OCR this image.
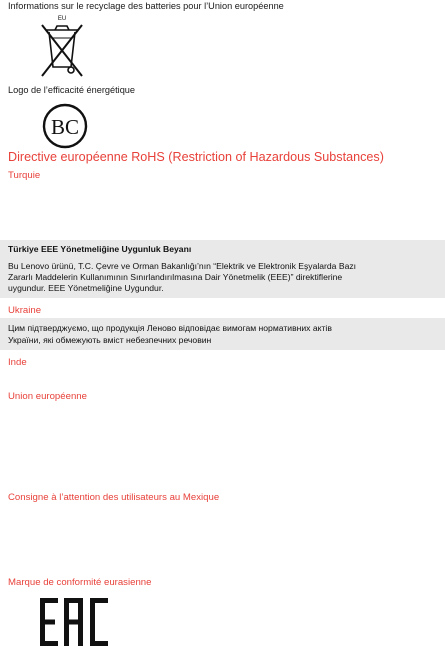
Informations sur le recyclage des batteries pour l’Union européenne
EU
Logo de l’efficacité énergétique
BC
Directive européenne RoHS (Restriction of Hazardous Substances)
Turquie
Türkiye EEE Yönetmeliğine Uygunluk Beyanı
Bu Lenovo ürünü, T.C. Çevre ve Orman Bakanlığı’nın “Elektrik ve Elektronik Eşyalarda Bazı
Zararlı Maddelerin Kullanımının Sınırlandırılmasına Dair Yönetmelik (EEE)” direktiflerine
uygundur. EEE Yönetmeliğine Uygundur.
Ukraine
Цим підтверджуємо, що продукція Леново відповідає вимогам нормативних актів
України, які обмежують вміст небезпечних речовин
Inde
Union européenne
Consigne à l’attention des utilisateurs au Mexique
Marque de conformité eurasienne
